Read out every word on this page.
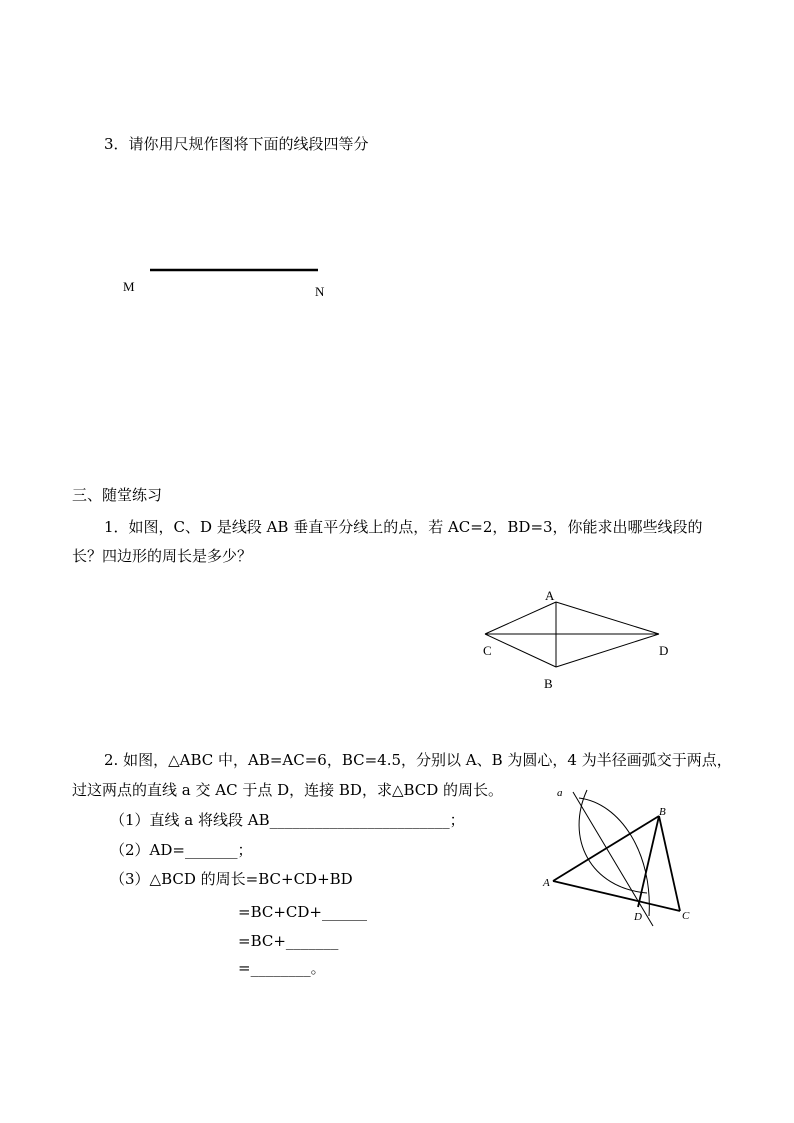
3．请你用尺规作图将下面的线段四等分
M	N
三、随堂练习
1．如图，C、D 是线段 AB 垂直平分线上的点，若 AC=2，BD=3，你能求出哪些线段的
长？四边形的周长是多少？
A
C	D
B
2. 如图，△ABC 中，AB=AC=6，BC=4.5，分别以 A、B 为圆心，4 为半径画弧交于两点，
过这两点的直线 a 交 AC 于点 D，连接 BD，求△BCD 的周长。
（1）直线 a 将线段 AB________________________；
（2）AD=_______；
（3）△BCD 的周长=BC+CD+BD
=BC+CD+______
=BC+_______
=________。
a
B
A
D	C
